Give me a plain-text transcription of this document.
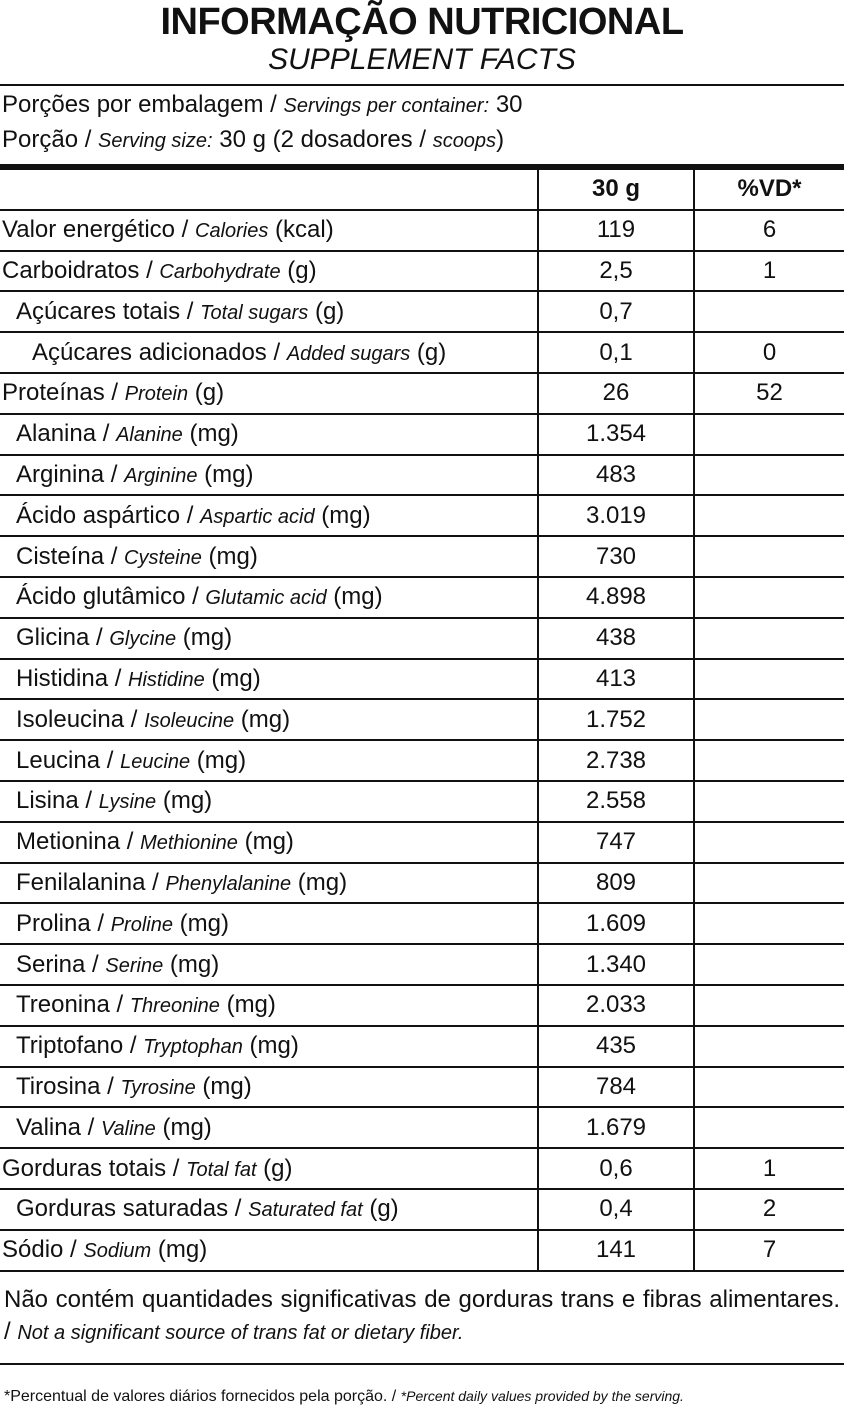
INFORMAÇÃO NUTRICIONAL
SUPPLEMENT FACTS
Porções por embalagem / Servings per container: 30
Porção / Serving size: 30 g (2 dosadores / scoops)
	30 g	%VD*
Valor energético / Calories (kcal)	119	6
Carboidratos / Carbohydrate (g)	2,5	1
Açúcares totais / Total sugars (g)	0,7	
Açúcares adicionados / Added sugars (g)	0,1	0
Proteínas / Protein (g)	26	52
Alanina / Alanine (mg)	1.354	
Arginina / Arginine (mg)	483	
Ácido aspártico / Aspartic acid (mg)	3.019	
Cisteína / Cysteine (mg)	730	
Ácido glutâmico / Glutamic acid (mg)	4.898	
Glicina / Glycine (mg)	438	
Histidina / Histidine (mg)	413	
Isoleucina / Isoleucine (mg)	1.752	
Leucina / Leucine (mg)	2.738	
Lisina / Lysine (mg)	2.558	
Metionina / Methionine (mg)	747	
Fenilalanina / Phenylalanine (mg)	809	
Prolina / Proline (mg)	1.609	
Serina / Serine (mg)	1.340	
Treonina / Threonine (mg)	2.033	
Triptofano / Tryptophan (mg)	435	
Tirosina / Tyrosine (mg)	784	
Valina / Valine (mg)	1.679	
Gorduras totais / Total fat (g)	0,6	1
Gorduras saturadas / Saturated fat (g)	0,4	2
Sódio / Sodium (mg)	141	7
Não contém quantidades significativas de gorduras trans e fibras alimentares. / Not a significant source of trans fat or dietary fiber.
*Percentual de valores diários fornecidos pela porção. / *Percent daily values provided by the serving.
